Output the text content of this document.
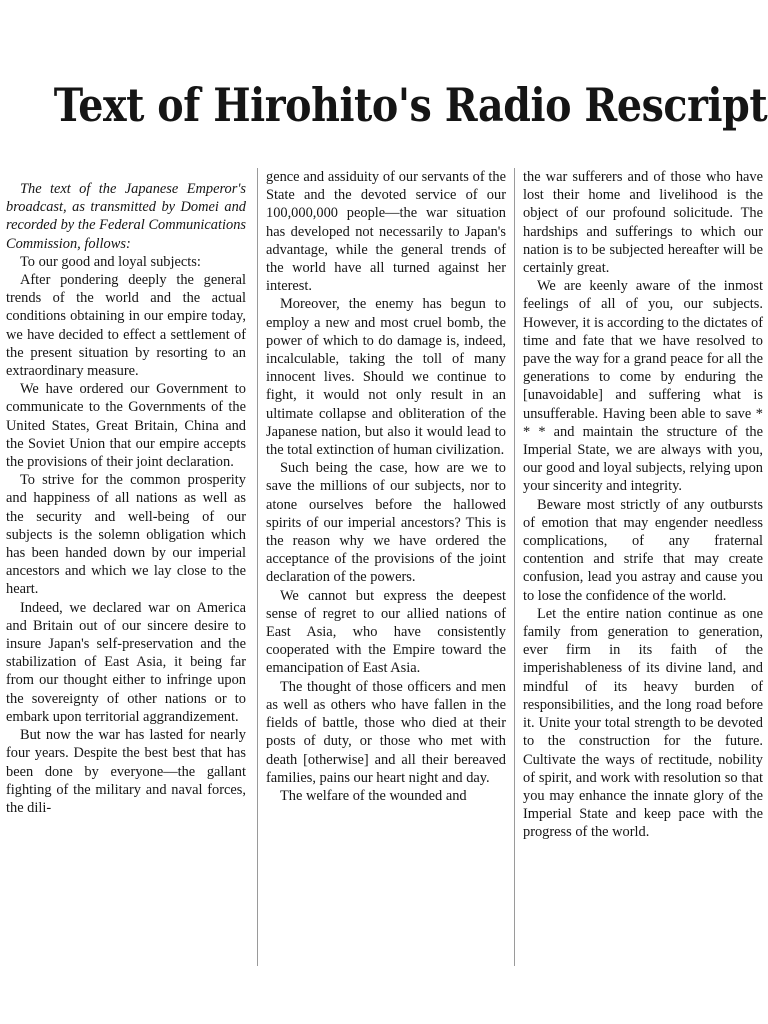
Text of Hirohito's Radio Rescript

The text of the Japanese Emperor's broadcast, as transmitted by Domei and recorded by the Federal Communications Commission, follows:

To our good and loyal subjects:

After pondering deeply the general trends of the world and the actual conditions obtaining in our empire today, we have decided to effect a settlement of the present situation by resorting to an extraordinary measure.

We have ordered our Government to communicate to the Governments of the United States, Great Britain, China and the Soviet Union that our empire accepts the provisions of their joint declaration.

To strive for the common prosperity and happiness of all nations as well as the security and well-being of our subjects is the solemn obligation which has been handed down by our imperial ancestors and which we lay close to the heart.

Indeed, we declared war on America and Britain out of our sincere desire to insure Japan's self-preservation and the stabilization of East Asia, it being far from our thought either to infringe upon the sovereignty of other nations or to embark upon territorial aggrandizement.

But now the war has lasted for nearly four years. Despite the best best that has been done by everyone—the gallant fighting of the military and naval forces, the dili-

gence and assiduity of our servants of the State and the devoted service of our 100,000,000 people—the war situation has developed not necessarily to Japan's advantage, while the general trends of the world have all turned against her interest.

Moreover, the enemy has begun to employ a new and most cruel bomb, the power of which to do damage is, indeed, incalculable, taking the toll of many innocent lives. Should we continue to fight, it would not only result in an ultimate collapse and obliteration of the Japanese nation, but also it would lead to the total extinction of human civilization.

Such being the case, how are we to save the millions of our subjects, nor to atone ourselves before the hallowed spirits of our imperial ancestors? This is the reason why we have ordered the acceptance of the provisions of the joint declaration of the powers.

We cannot but express the deepest sense of regret to our allied nations of East Asia, who have consistently cooperated with the Empire toward the emancipation of East Asia.

The thought of those officers and men as well as others who have fallen in the fields of battle, those who died at their posts of duty, or those who met with death [otherwise] and all their bereaved families, pains our heart night and day.

The welfare of the wounded and

the war sufferers and of those who have lost their home and livelihood is the object of our profound solicitude. The hardships and sufferings to which our nation is to be subjected hereafter will be certainly great.

We are keenly aware of the inmost feelings of all of you, our subjects. However, it is according to the dictates of time and fate that we have resolved to pave the way for a grand peace for all the generations to come by enduring the [unavoidable] and suffering what is unsufferable. Having been able to save * * * and maintain the structure of the Imperial State, we are always with you, our good and loyal subjects, relying upon your sincerity and integrity.

Beware most strictly of any outbursts of emotion that may engender needless complications, of any fraternal contention and strife that may create confusion, lead you astray and cause you to lose the confidence of the world.

Let the entire nation continue as one family from generation to generation, ever firm in its faith of the imperishableness of its divine land, and mindful of its heavy burden of responsibilities, and the long road before it. Unite your total strength to be devoted to the construction for the future. Cultivate the ways of rectitude, nobility of spirit, and work with resolution so that you may enhance the innate glory of the Imperial State and keep pace with the progress of the world.
